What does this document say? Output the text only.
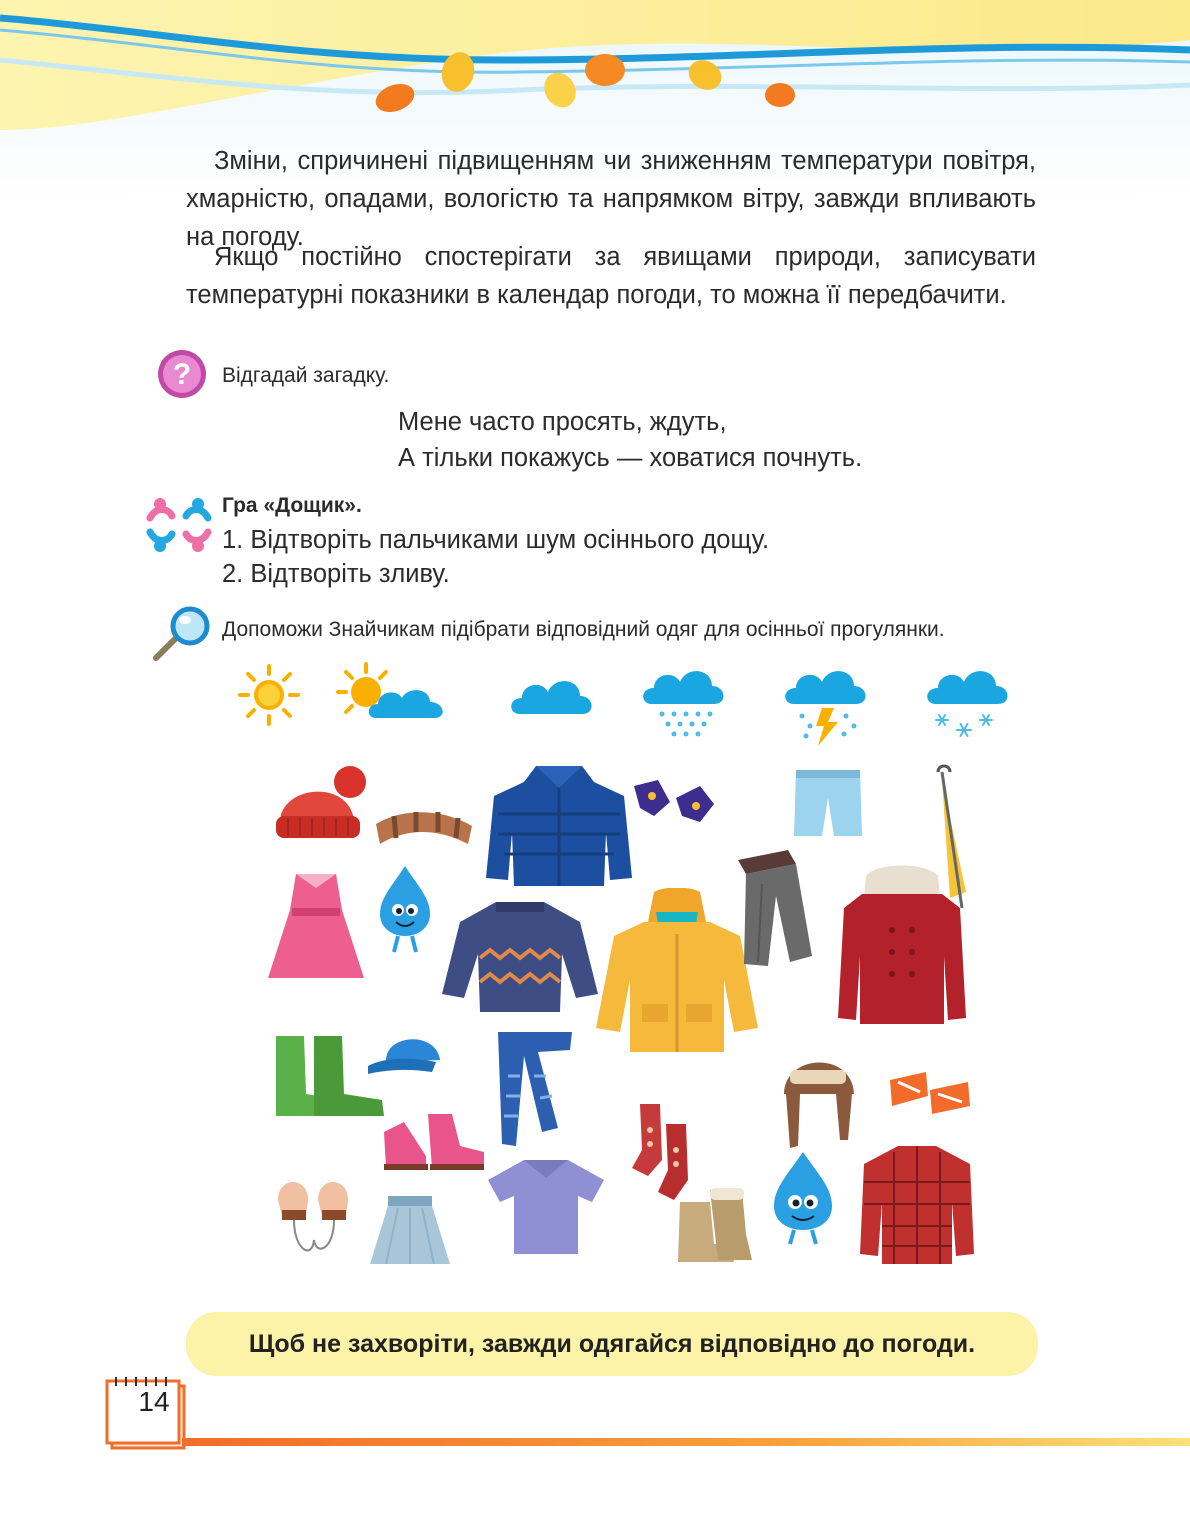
Зміни, спричинені підвищенням чи зниженням температури повітря, хмарністю, опадами, вологістю та напрямком вітру, завжди впливають на погоду.

Якщо постійно спостерігати за явищами природи, записувати температурні показники в календар погоди, то можна її передбачити.

? Відгадай загадку.
Мене часто просять, ждуть,
А тільки покажусь — ховатися почнуть.
Гра «Дощик».
1. Відтворіть пальчиками шум осіннього дощу.
2. Відтворіть зливу.
Допоможи Знайчикам підібрати відповідний одяг для осінньої прогулянки.
Щоб не захворіти, завжди одягайся відповідно до погоди.
14
